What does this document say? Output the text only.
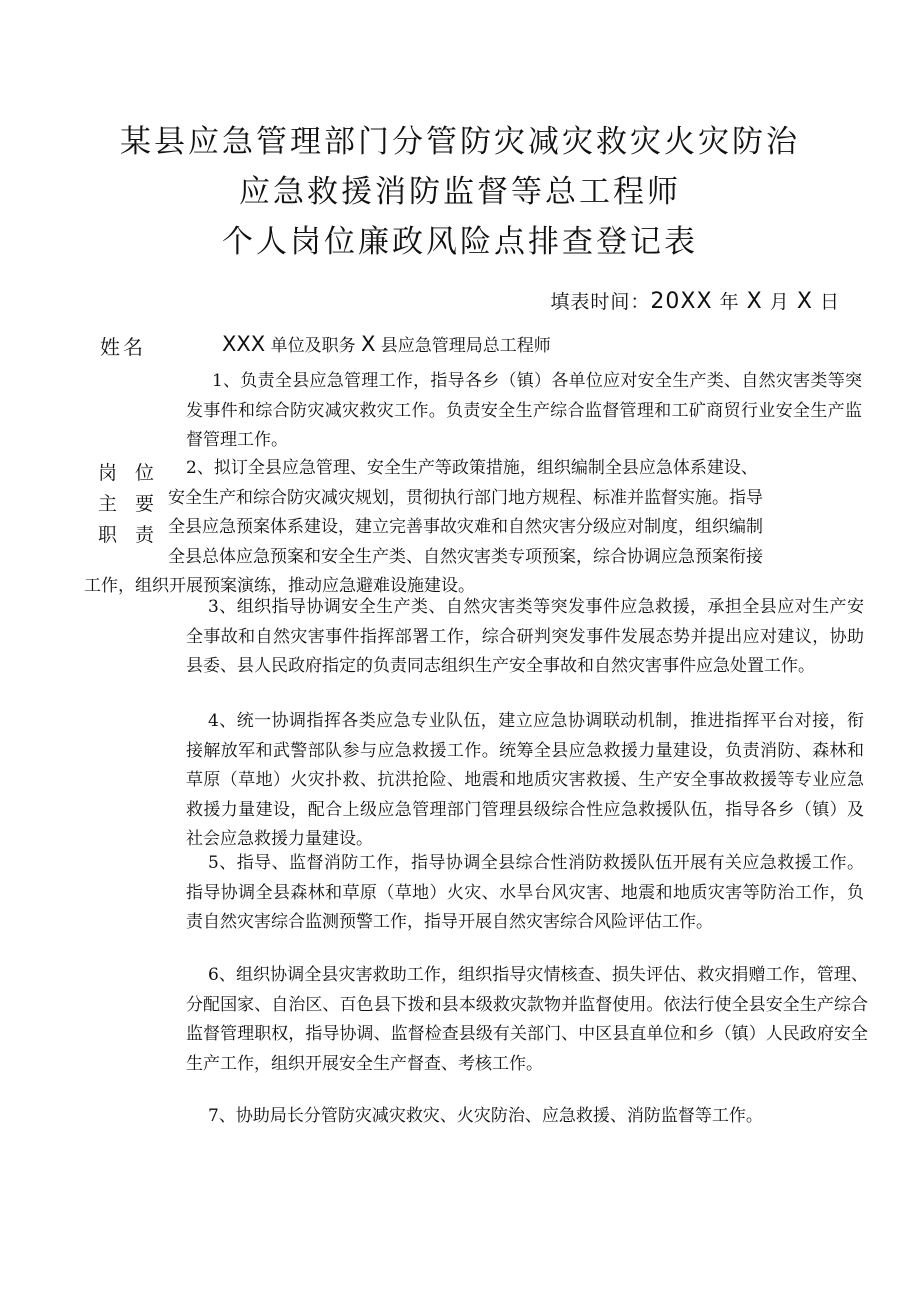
某县应急管理部门分管防灾减灾救灾火灾防治
应急救援消防监督等总工程师
个人岗位廉政风险点排查登记表
填表时间：20XX 年 X 月 X 日
姓名	XXX 单位及职务 X 县应急管理局总工程师
岗位
主要
职责

1、负责全县应急管理工作，指导各乡（镇）各单位应对安全生产类、自然灾害类等突发事件和综合防灾减灾救灾工作。负责安全生产综合监督管理和工矿商贸行业安全生产监督管理工作。

2、拟订全县应急管理、安全生产等政策措施，组织编制全县应急体系建设、
安全生产和综合防灾减灾规划，贯彻执行部门地方规程、标准并监督实施。指导
全县应急预案体系建设，建立完善事故灾难和自然灾害分级应对制度，组织编制
全县总体应急预案和安全生产类、自然灾害类专项预案，综合协调应急预案衔接
工作，组织开展预案演练，推动应急避难设施建设。

3、组织指导协调安全生产类、自然灾害类等突发事件应急救援，承担全县应对生产安全事故和自然灾害事件指挥部署工作，综合研判突发事件发展态势并提出应对建议，协助县委、县人民政府指定的负责同志组织生产安全事故和自然灾害事件应急处置工作。

4、统一协调指挥各类应急专业队伍，建立应急协调联动机制，推进指挥平台对接，衔接解放军和武警部队参与应急救援工作。统筹全县应急救援力量建设，负责消防、森林和草原（草地）火灾扑救、抗洪抢险、地震和地质灾害救援、生产安全事故救援等专业应急救援力量建设，配合上级应急管理部门管理县级综合性应急救援队伍，指导各乡（镇）及社会应急救援力量建设。

5、指导、监督消防工作，指导协调全县综合性消防救援队伍开展有关应急救援工作。指导协调全县森林和草原（草地）火灾、水旱台风灾害、地震和地质灾害等防治工作，负责自然灾害综合监测预警工作，指导开展自然灾害综合风险评估工作。

6、组织协调全县灾害救助工作，组织指导灾情核查、损失评估、救灾捐赠工作，管理、分配国家、自治区、百色县下拨和县本级救灾款物并监督使用。依法行使全县安全生产综合监督管理职权，指导协调、监督检查县级有关部门、中区县直单位和乡（镇）人民政府安全生产工作，组织开展安全生产督查、考核工作。

7、协助局长分管防灾减灾救灾、火灾防治、应急救援、消防监督等工作。
